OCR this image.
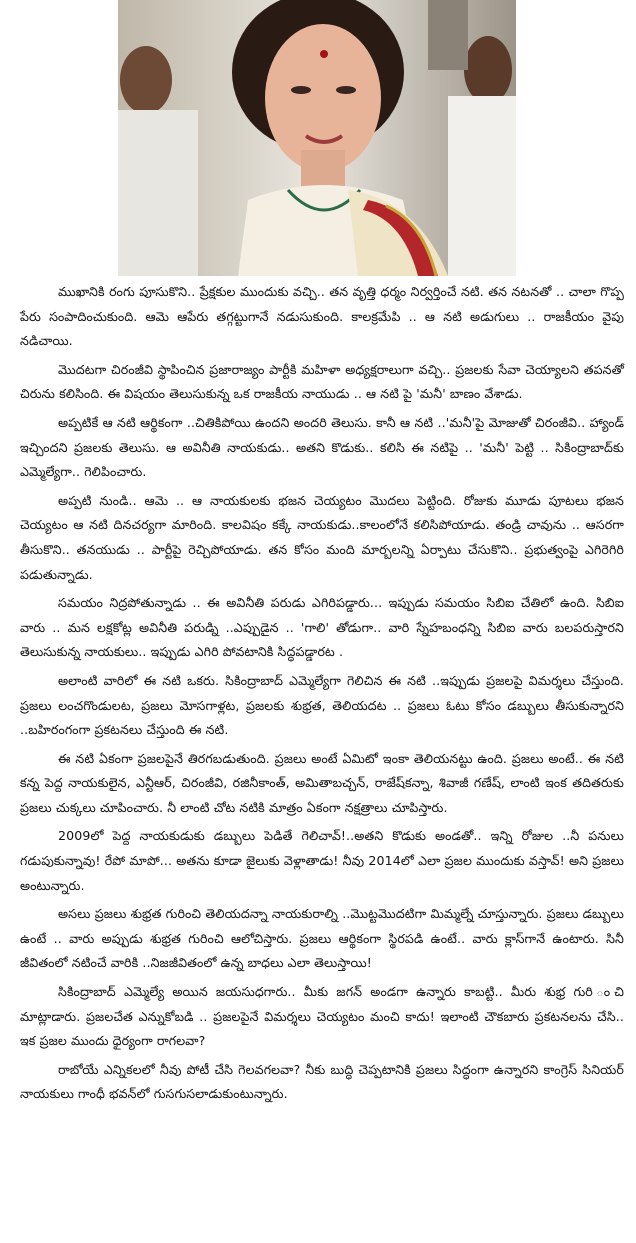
ముఖానికి రంగు పూసుకొని.. ప్రేక్షకుల ముందుకు వచ్చి.. తన వృత్తి ధర్మం నిర్వర్తించే నటి. తన నటనతో .. చాలా గొప్ప పేరు సంపాదించుకుంది. ఆమె ఆపేరు తగ్గట్టుగానే నడుసుకుంది. కాలక్రమేపి .. ఆ నటి అడుగులు .. రాజకీయం వైపు నడిచాయి.

మొదటగా చిరంజీవి స్థాపించిన ప్రజారాజ్యం పార్టీకి మహిళా అధ్యక్షరాలుగా వచ్చి.. ప్రజలకు సేవా చెయ్యాలని తపనతో చిరును కలిసింది. ఈ విషయం తెలుసుకున్న ఒక రాజకీయ నాయుడు .. ఆ నటి పై 'మనీ' బాణం వేశాడు.

అప్పటికే ఆ నటి ఆర్థికంగా ..చితికిపోయి ఉందని అందరి తెలుసు. కానీ ఆ నటి ..'మనీ'పై మోజుతో చిరంజీవి.. హ్యాండ్ ఇచ్చిందని ప్రజలకు తెలుసు. ఆ అవినీతి నాయకుడు.. అతని కొడుకు.. కలిసి ఈ నటిపై .. 'మనీ' పెట్టి .. సికింద్రాబాద్‌కు ఎమ్మెల్యేగా.. గెలిపించారు.

అప్పటి నుండి.. ఆమె .. ఆ నాయకులకు భజన చెయ్యటం మొదలు పెట్టింది. రోజుకు మూడు పూటలు భజన చెయ్యటం ఆ నటి దినచర్యగా మారింది. కాలవిషం కక్కే నాయకుడు..కాలంలోనే కలిసిపోయాడు. తండ్రి చావును .. ఆసరగా తీసుకొని.. తనయుడు .. పార్టీపై రెచ్చిపోయాడు. తన కోసం మంది మార్బలన్ని ఏర్పాటు చేసుకొని.. ప్రభుత్వంపై ఎగిరెగిరి పడుతున్నాడు.

సమయం నిద్రపోతున్నాడు .. ఈ అవినీతి పరుడు ఎగిరిపడ్డారు... ఇప్పుడు సమయం సిబిఐ చేతిలో ఉంది. సిబిఐ వారు .. మన లక్షకోట్ల అవినీతి పరుడ్ని ..ఎప్పుడైన .. 'గాలి' తోడుగా.. వారి స్నేహబంధన్ని సిబిఐ వారు బలపరుస్తారని తెలుసుకున్న నాయకులు.. ఇప్పుడు ఎగిరి పోవటానికి సిద్ధపడ్డారట .

అలాంటి వారిలో ఈ నటి ఒకరు. సికింద్రాబాద్ ఎమ్మెల్యేగా గెలిచిన ఈ నటి ..ఇప్పుడు ప్రజలపై విమర్శలు చేస్తుంది. ప్రజలు లంచగొండులట, ప్రజలు మోసగాళ్లట, ప్రజలకు శుభ్రత, తెలియదట .. ప్రజలు ఓటు కోసం డబ్బులు తీసుకున్నారని ..బహిరంగంగా ప్రకటనలు చేస్తుంది ఈ నటి.

ఈ నటి ఏకంగా ప్రజలపైనే తిరగబడుతుంది. ప్రజలు అంటే ఏమిటో ఇంకా తెలియనట్టు ఉంది. ప్రజలు అంటే.. ఈ నటి కన్న పెద్ద నాయకులైన, ఎన్టీఆర్, చిరంజీవి, రజినీకాంత్, అమితాబచ్చన్, రాజేష్‌కన్నా, శివాజీ గణేష్, లాంటి ఇంక తదితరుకు ప్రజలు చుక్కలు చూపించారు. నీ లాంటి చోట నటికి మాత్రం ఏకంగా నక్షత్రాలు చూపిస్తారు.

2009లో పెద్ద నాయకుడుకు డబ్బులు పెడితే గెలిచావ్!..అతని కొడుకు అండతో.. ఇన్ని రోజుల ..నీ పనులు గడుపుకున్నావు! రేపో మాపో... అతను కూడా జైలుకు వెళ్లాతాడు! నీవు 2014లో ఎలా ప్రజల ముందుకు వస్తావ్! అని ప్రజలు అంటున్నారు.

అసలు ప్రజలు శుభ్రత గురించి తెలియదన్నా నాయకురాల్ని ..మొట్టమొదటిగా మిమ్మల్నే చూస్తున్నారు. ప్రజలు డబ్బులు ఉంటే .. వారు అప్పుడు శుభ్రత గురించి ఆలోచిస్తారు. ప్రజలు ఆర్థికంగా స్థిరపడి ఉంటే.. వారు క్లాస్‌గానే ఉంటారు. సినీ జీవితంలో నటించే వారికి ..నిజజీవితంలో ఉన్న బాధలు ఎలా తెలుస్తాయి!

సికింద్రాబాద్ ఎమ్మెల్యే అయిన జయసుధగారు.. మీకు జగన్ అండగా ఉన్నారు కాబట్టి.. మీరు శుభ్ర గురి ంచి మాట్లాడారు. ప్రజలచేత ఎన్నుకోబడి .. ప్రజలపైనే విమర్శలు చెయ్యటం మంచి కాదు! ఇలాంటి చౌకబారు ప్రకటనలను చేసి.. ఇక ప్రజల ముందు ధైర్యంగా రాగలవా?

రాబోయే ఎన్నికలలో నీవు పోటీ చేసి గెలవగలవా? నీకు బుద్ధి చెప్పటానికి ప్రజలు సిద్ధంగా ఉన్నారని కాంగ్రెస్ సినియర్ నాయకులు గాంధీ భవన్‌లో గుసగుసలాడుకుంటున్నారు.
